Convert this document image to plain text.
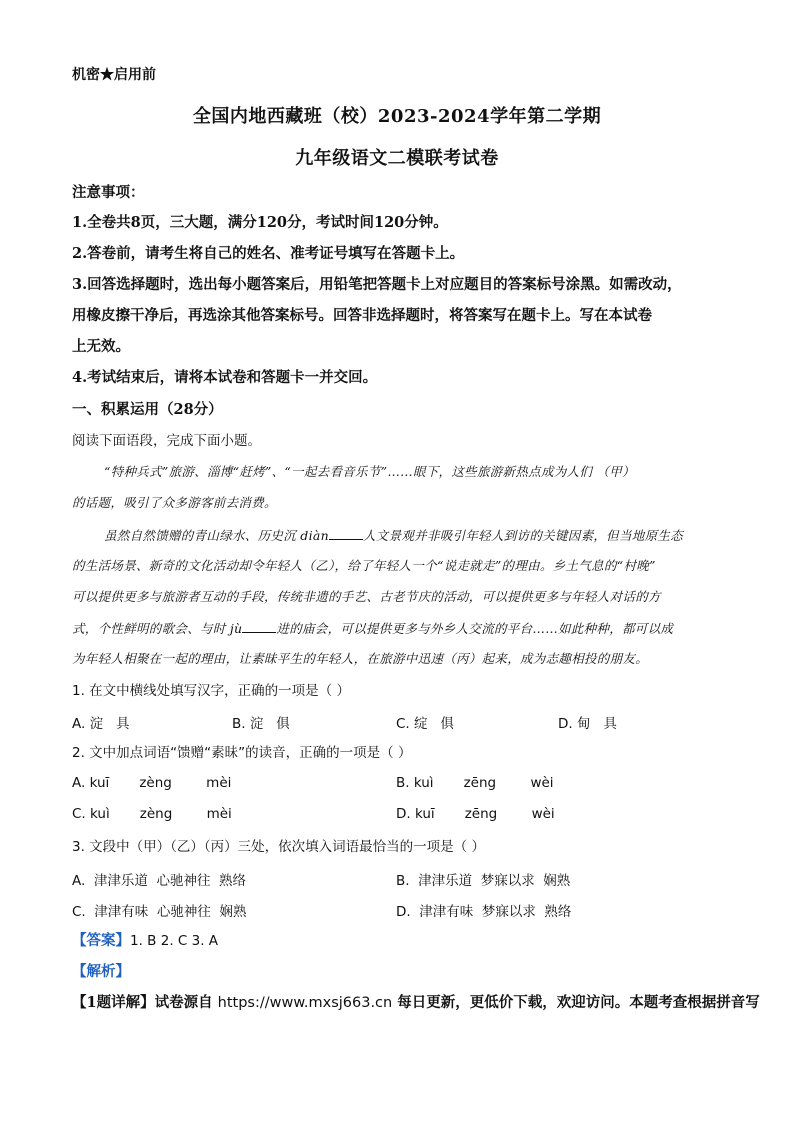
机密★启用前
全国内地西藏班（校）2023-2024学年第二学期
九年级语文二模联考试卷
注意事项：
1.全卷共8页，三大题，满分120分，考试时间120分钟。
2.答卷前，请考生将自己的姓名、准考证号填写在答题卡上。
3.回答选择题时，选出每小题答案后，用铅笔把答题卡上对应题目的答案标号涂黑。如需改动，
用橡皮擦干净后，再选涂其他答案标号。回答非选择题时，将答案写在题卡上。写在本试卷
上无效。
4.考试结束后，请将本试卷和答题卡一并交回。
一、积累运用（28分）
阅读下面语段，完成下面小题。
“特种兵式”旅游、淄博“赶烤”、“一起去看音乐节”……眼下，这些旅游新热点成为人们 （甲）
的话题，吸引了众多游客前去消费。
虽然自然馈赠的青山绿水、历史沉 diàn	人文景观并非吸引年轻人到访的关键因素，但当地原生态
的生活场景、新奇的文化活动却令年轻人（乙），给了年轻人一个“说走就走”的理由。乡土气息的“村晚”
可以提供更多与旅游者互动的手段，传统非遗的手艺、古老节庆的活动，可以提供更多与年轻人对话的方
式，个性鲜明的歌会、与时 jù	进的庙会，可以提供更多与外乡人交流的平台……如此种种，都可以成
为年轻人相聚在一起的理由，让素昧平生的年轻人，在旅游中迅速（丙）起来，成为志趣相投的朋友。
1. 在文中横线处填写汉字，正确的一项是（ ）
A. 淀   具	B. 淀   俱	C. 绽   俱	D. 甸   具
2. 文中加点词语“馈赠“素昧”的读音，正确的一项是（ ）
A. kuī       zèng        mèi	B. kuì       zēng        wèi
C. kuì       zèng        mèi	D. kuī       zēng        wèi
3. 文段中（甲）（乙）（丙）三处，依次填入词语最恰当的一项是（ ）
A.  津津乐道  心驰神往  熟络	B.  津津乐道  梦寐以求  娴熟
C.  津津有味  心驰神往  娴熟	D.  津津有味  梦寐以求  熟络
【答案】1. B 2. C 3. A
【解析】
【1题详解】试卷源自 https://www.mxsj663.cn 每日更新，更低价下载，欢迎访问。本题考查根据拼音写
